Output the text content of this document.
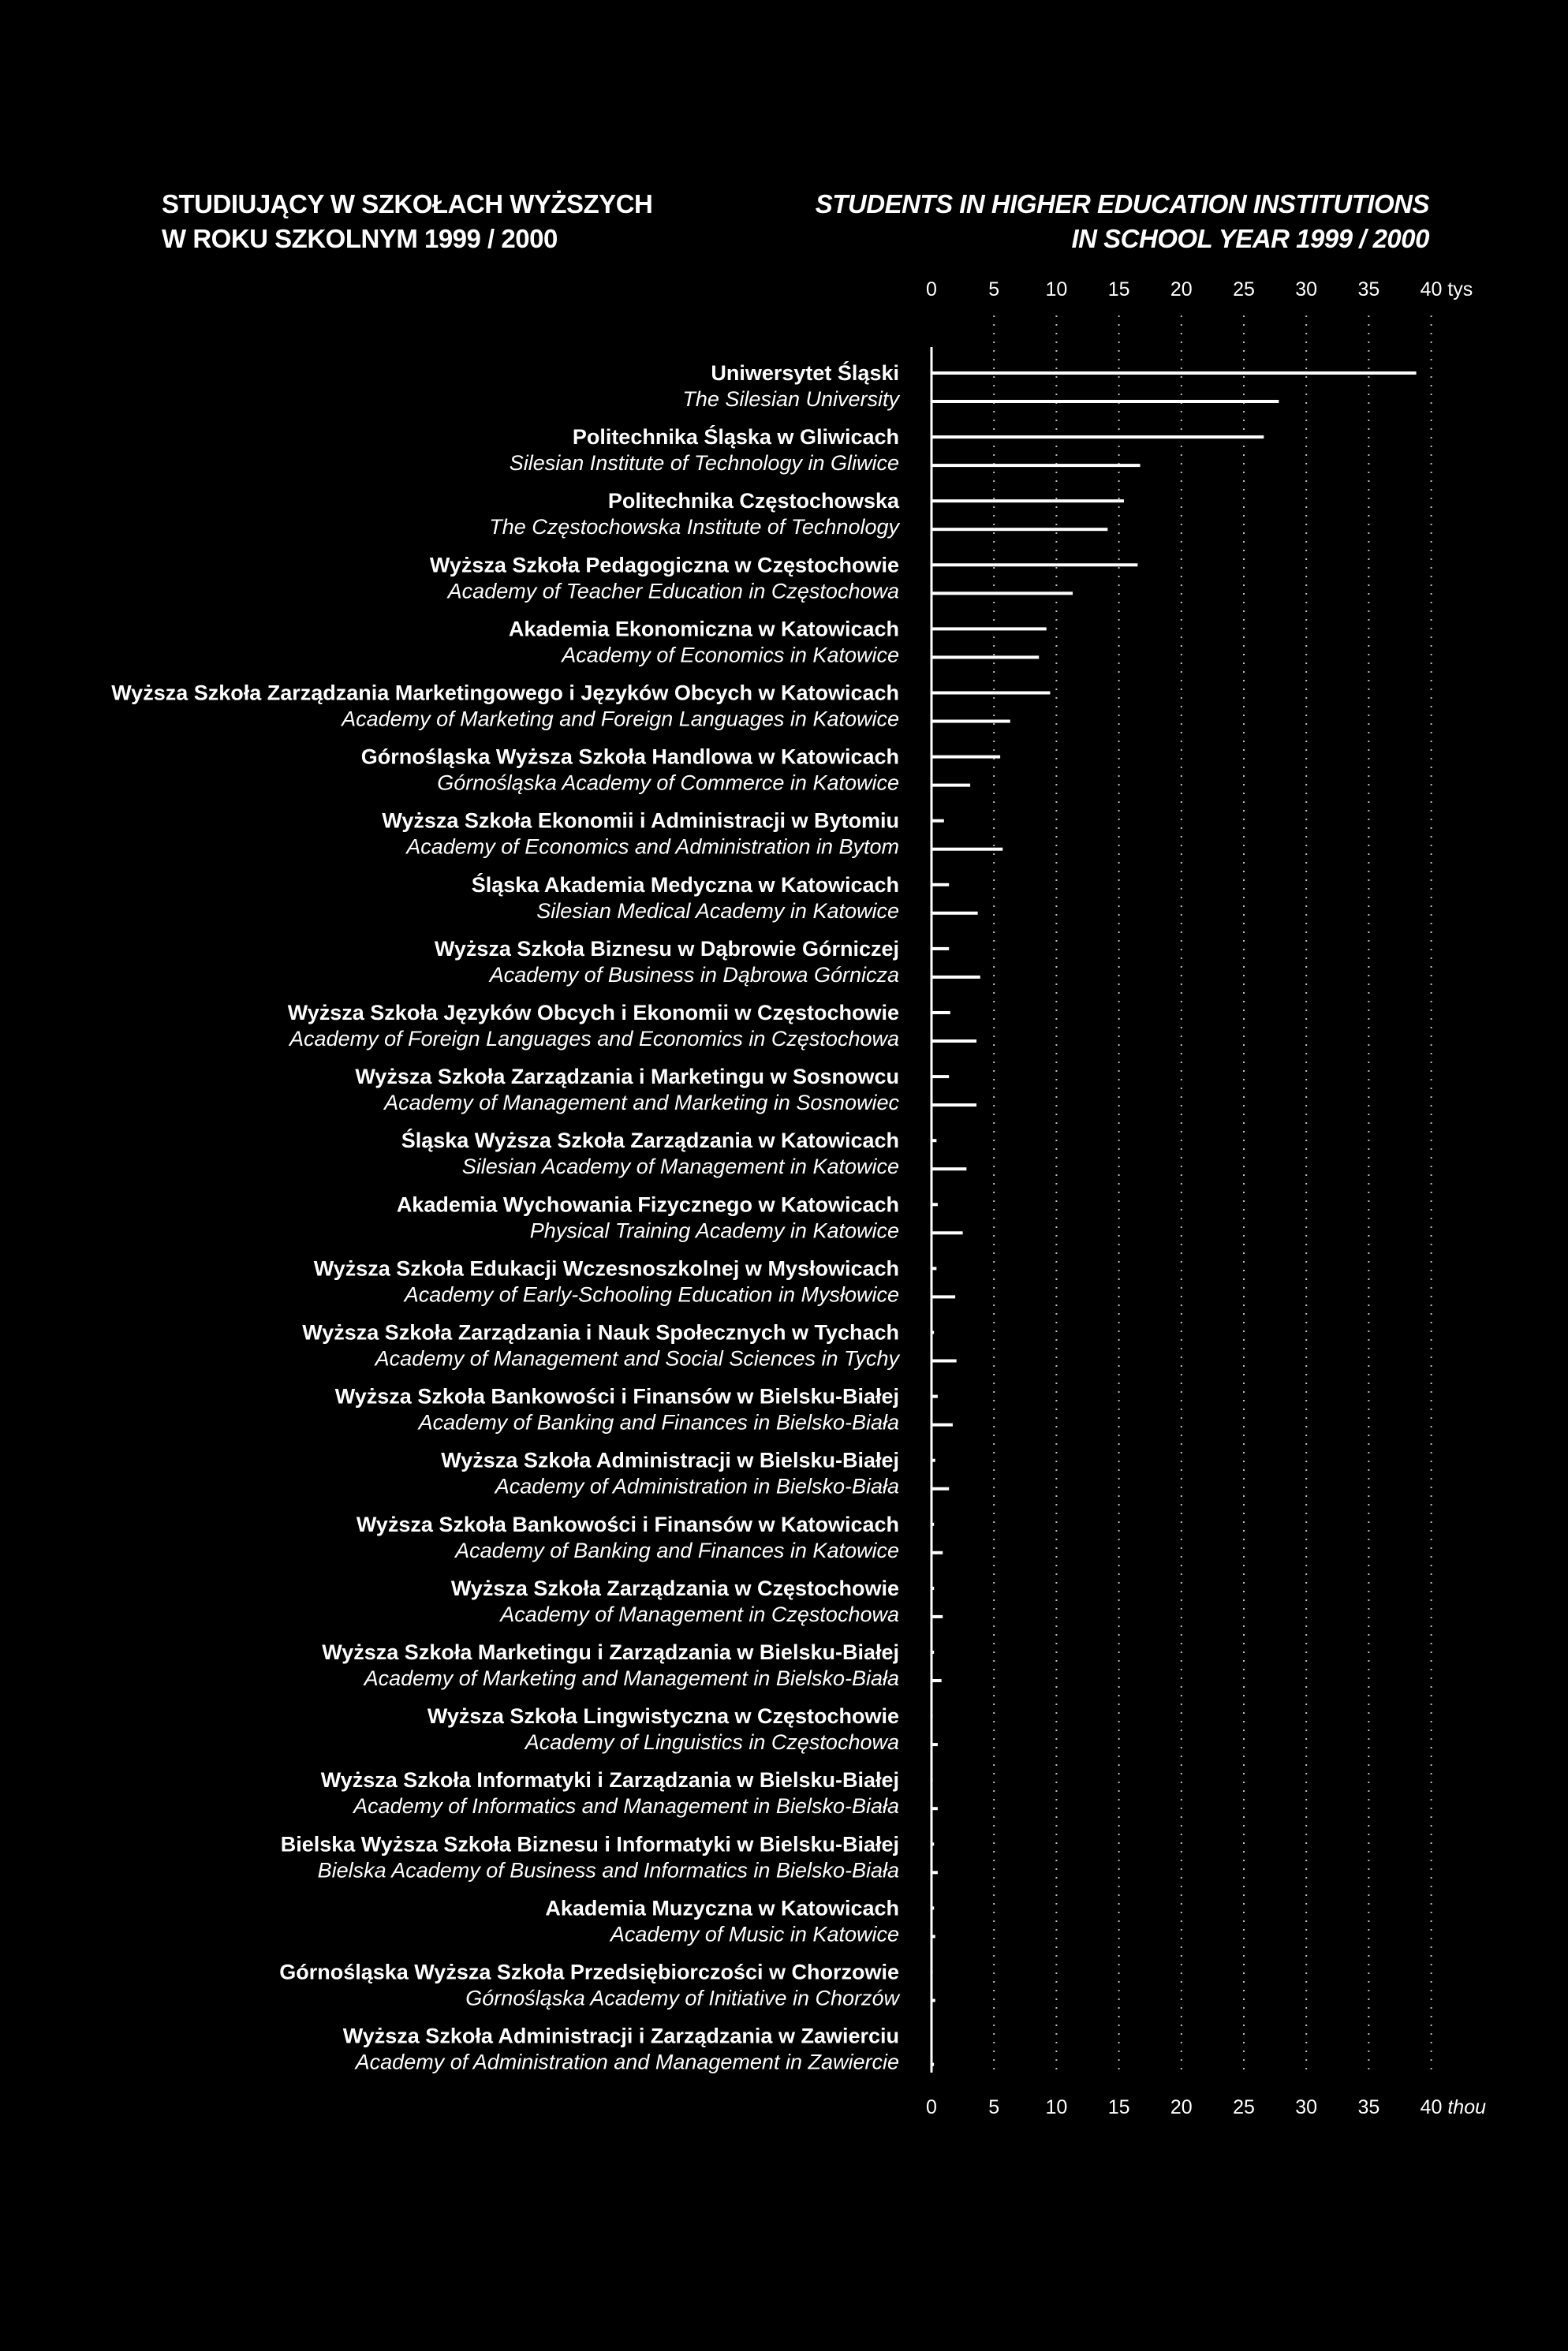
STUDIUJĄCY W SZKOŁACH WYŻSZYCH
W ROKU SZKOLNYM 1999 / 2000
STUDENTS IN HIGHER EDUCATION INSTITUTIONS
IN SCHOOL YEAR 1999 / 2000
0
0
5
5
10
10
15
15
20
20
25
25
30
30
35
35
40 tys
40 thou
Uniwersytet Śląski
The Silesian University
Politechnika Śląska w Gliwicach
Silesian Institute of Technology in Gliwice
Politechnika Częstochowska
The Częstochowska Institute of Technology
Wyższa Szkoła Pedagogiczna w Częstochowie
Academy of Teacher Education in Częstochowa
Akademia Ekonomiczna w Katowicach
Academy of Economics in Katowice
Wyższa Szkoła Zarządzania Marketingowego i Języków Obcych w Katowicach
Academy of Marketing and Foreign Languages in Katowice
Górnośląska Wyższa Szkoła Handlowa w Katowicach
Górnośląska Academy of Commerce in Katowice
Wyższa Szkoła Ekonomii i Administracji w Bytomiu
Academy of Economics and Administration in Bytom
Śląska Akademia Medyczna w Katowicach
Silesian Medical Academy in Katowice
Wyższa Szkoła Biznesu w Dąbrowie Górniczej
Academy of Business in Dąbrowa Górnicza
Wyższa Szkoła Języków Obcych i Ekonomii w Częstochowie
Academy of Foreign Languages and Economics in Częstochowa
Wyższa Szkoła Zarządzania i Marketingu w Sosnowcu
Academy of Management and Marketing in Sosnowiec
Śląska Wyższa Szkoła Zarządzania w Katowicach
Silesian Academy of Management in Katowice
Akademia Wychowania Fizycznego w Katowicach
Physical Training Academy in Katowice
Wyższa Szkoła Edukacji Wczesnoszkolnej w Mysłowicach
Academy of Early-Schooling Education in Mysłowice
Wyższa Szkoła Zarządzania i Nauk Społecznych w Tychach
Academy of Management and Social Sciences in Tychy
Wyższa Szkoła Bankowości i Finansów w Bielsku-Białej
Academy of Banking and Finances in Bielsko-Biała
Wyższa Szkoła Administracji w Bielsku-Białej
Academy of Administration in Bielsko-Biała
Wyższa Szkoła Bankowości i Finansów w Katowicach
Academy of Banking and Finances in Katowice
Wyższa Szkoła Zarządzania w Częstochowie
Academy of Management in Częstochowa
Wyższa Szkoła Marketingu i Zarządzania w Bielsku-Białej
Academy of Marketing and Management in Bielsko-Biała
Wyższa Szkoła Lingwistyczna w Częstochowie
Academy of Linguistics in Częstochowa
Wyższa Szkoła Informatyki i Zarządzania w Bielsku-Białej
Academy of Informatics and Management in Bielsko-Biała
Bielska Wyższa Szkoła Biznesu i Informatyki w Bielsku-Białej
Bielska Academy of Business and Informatics in Bielsko-Biała
Akademia Muzyczna w Katowicach
Academy of Music in Katowice
Górnośląska Wyższa Szkoła Przedsiębiorczości w Chorzowie
Górnośląska Academy of Initiative in Chorzów
Wyższa Szkoła Administracji i Zarządzania w Zawierciu
Academy of Administration and Management in Zawiercie
